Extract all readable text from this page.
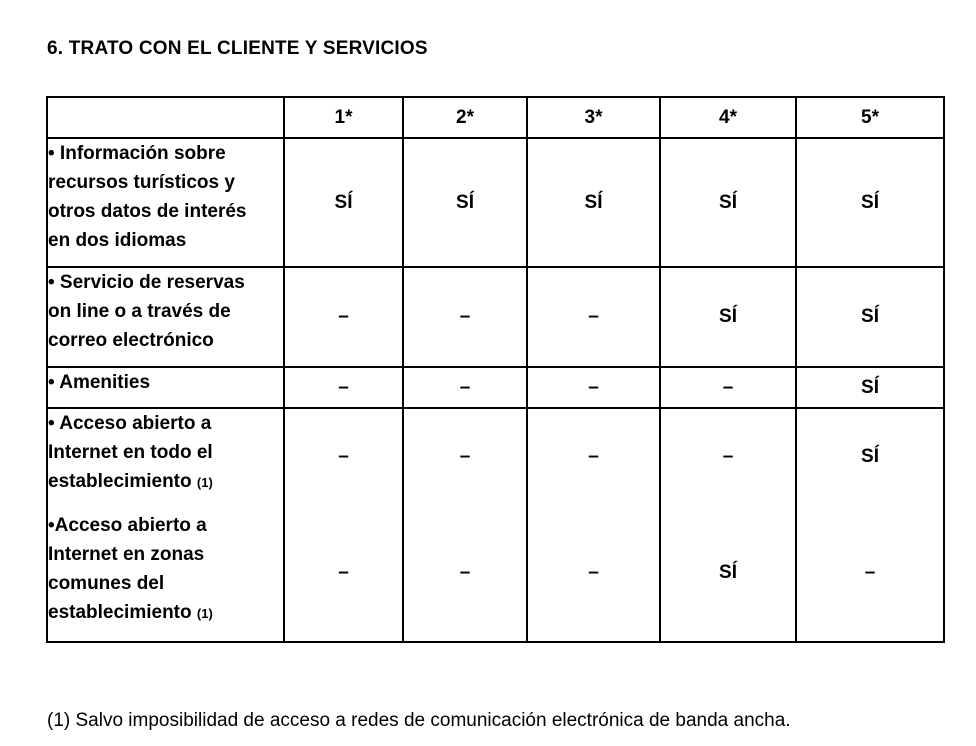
6. TRATO CON EL CLIENTE Y SERVICIOS
	1*	2*	3*	4*	5*

• Información sobre
recursos turísticos y
otros datos de interés
en dos idiomas	SÍ	SÍ	SÍ	SÍ	SÍ

• Servicio de reservas
on line o a través de
correo electrónico	–	–	–	SÍ	SÍ

• Amenities	–	–	–	–	SÍ

• Acceso abierto a
Internet en todo el
establecimiento (1)	–	–	–	–	SÍ

•Acceso abierto a
Internet en zonas
comunes del
establecimiento (1)	–	–	–	SÍ	–
(1) Salvo imposibilidad de acceso a redes de comunicación electrónica de banda ancha.
